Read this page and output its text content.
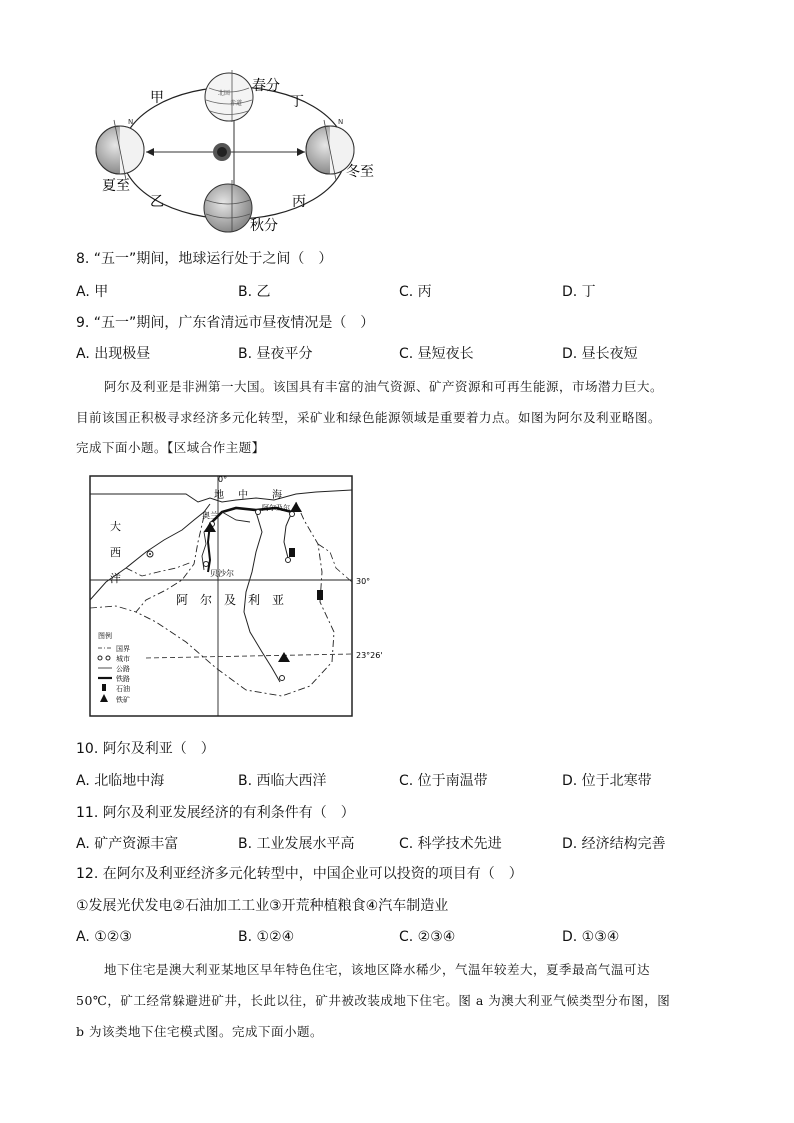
北回
赤道
N	N
甲
春分
丁
夏至
冬至
乙	丙
秋分
8. “五一”期间，地球运行处于之间（　）
A. 甲	B. 乙	C. 丙	D. 丁
9. “五一”期间，广东省清远市昼夜情况是（　）
A. 出现极昼	B. 昼夜平分	C. 昼短夜长	D. 昼长夜短
阿尔及利亚是非洲第一大国。该国具有丰富的油气资源、矿产资源和可再生能源，市场潜力巨大。
目前该国正积极寻求经济多元化转型，采矿业和绿色能源领域是重要着力点。如图为阿尔及利亚略图。
完成下面小题。【区域合作主题】
0°
地 中 海
阿尔及尔
奥兰
贝沙尔
大
西
洋	30°
23°26'
阿　尔　及　利　亚
图例
国界
城市
公路
铁路
石油
铁矿
10. 阿尔及利亚（　）
A. 北临地中海	B. 西临大西洋	C. 位于南温带	D. 位于北寒带
11. 阿尔及利亚发展经济的有利条件有（　）
A. 矿产资源丰富	B. 工业发展水平高	C. 科学技术先进	D. 经济结构完善
12. 在阿尔及利亚经济多元化转型中，中国企业可以投资的项目有（　）
①发展光伏发电②石油加工工业③开荒种植粮食④汽车制造业
A. ①②③	B. ①②④	C. ②③④	D. ①③④
地下住宅是澳大利亚某地区早年特色住宅，该地区降水稀少，气温年较差大，夏季最高气温可达
50℃，矿工经常躲避进矿井，长此以往，矿井被改装成地下住宅。图 a 为澳大利亚气候类型分布图，图
b 为该类地下住宅模式图。完成下面小题。
